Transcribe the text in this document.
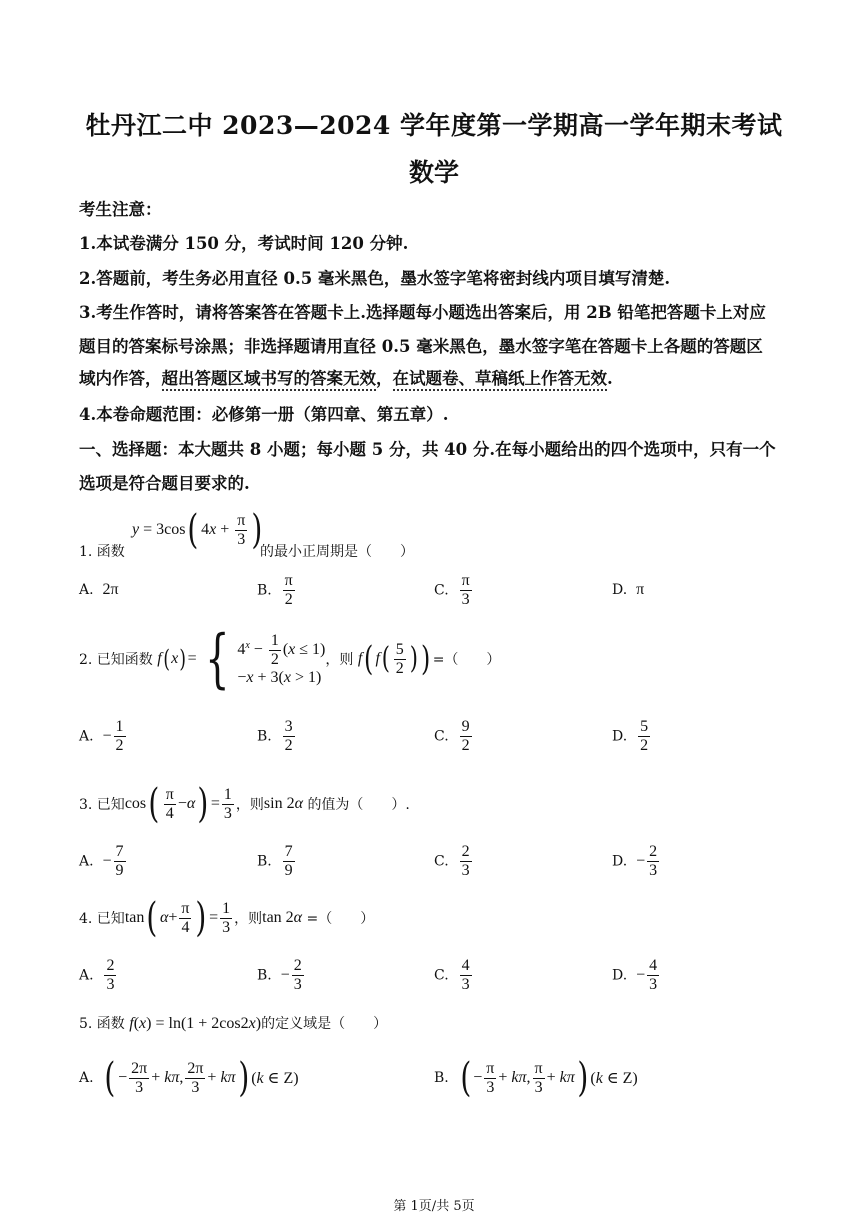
牡丹江二中 2023—2024 学年度第一学期高一学年期末考试
数学
考生注意：
1.本试卷满分 150 分，考试时间 120 分钟.
2.答题前，考生务必用直径 0.5 毫米黑色，墨水签字笔将密封线内项目填写清楚.
3.考生作答时，请将答案答在答题卡上.选择题每小题选出答案后，用 2B 铅笔把答题卡上对应
题目的答案标号涂黑；非选择题请用直径 0.5 毫米黑色，墨水签字笔在答题卡上各题的答题区
域内作答，超出答题区域书写的答案无效，在试题卷、草稿纸上作答无效.
4.本卷命题范围：必修第一册（第四章、第五章）.
一、选择题：本大题共 8 小题；每小题 5 分，共 40 分.在每小题给出的四个选项中，只有一个
选项是符合题目要求的.
y = 3cos( $4x + \frac{\pi}{3}$ )
1. 函数	的最小正周期是（　　）
A. 2π	B. $\frac{\pi}{2}$	C. $\frac{\pi}{3}$	D. π
2. 已知函数
f ( x ) = { $4^x - \frac{1}{2} (x \le 1)$
−x + 3(x > 1)
，则
f ( f ( $\frac{5}{2}$ ) ) =（　　）
A. − $\frac{1}{2}$	B. $\frac{3}{2}$	C. $\frac{9}{2}$	D. $\frac{5}{2}$
3. 已知 cos ( $\frac{\pi}{4} -\alpha$ ) = $\frac{1}{3}$ ，则 sin 2α
的值为（　　）.
A. − $\frac{7}{9}$	B. $\frac{7}{9}$	C. $\frac{2}{3}$	D. − $\frac{2}{3}$
4. 已知 tan ( $\alpha + \frac{\pi}{4}$ ) = $\frac{1}{3}$ ，则 tan 2α
=（　　）
A. $\frac{2}{3}$	B. − $\frac{2}{3}$	C. $\frac{4}{3}$	D. − $\frac{4}{3}$
5. 函数 f(x) = ln(1 + 2cos2x)的定义域是（　　）
A.
( − $\frac{2\pi}{3} + k\pi$, $\frac{2\pi}{3} + k\pi$ ) (k ∈ Z)	B.
( − $\frac{\pi}{3} + k\pi$, $\frac{\pi}{3} + k\pi$ ) (k ∈ Z)
第 1页/共 5页
